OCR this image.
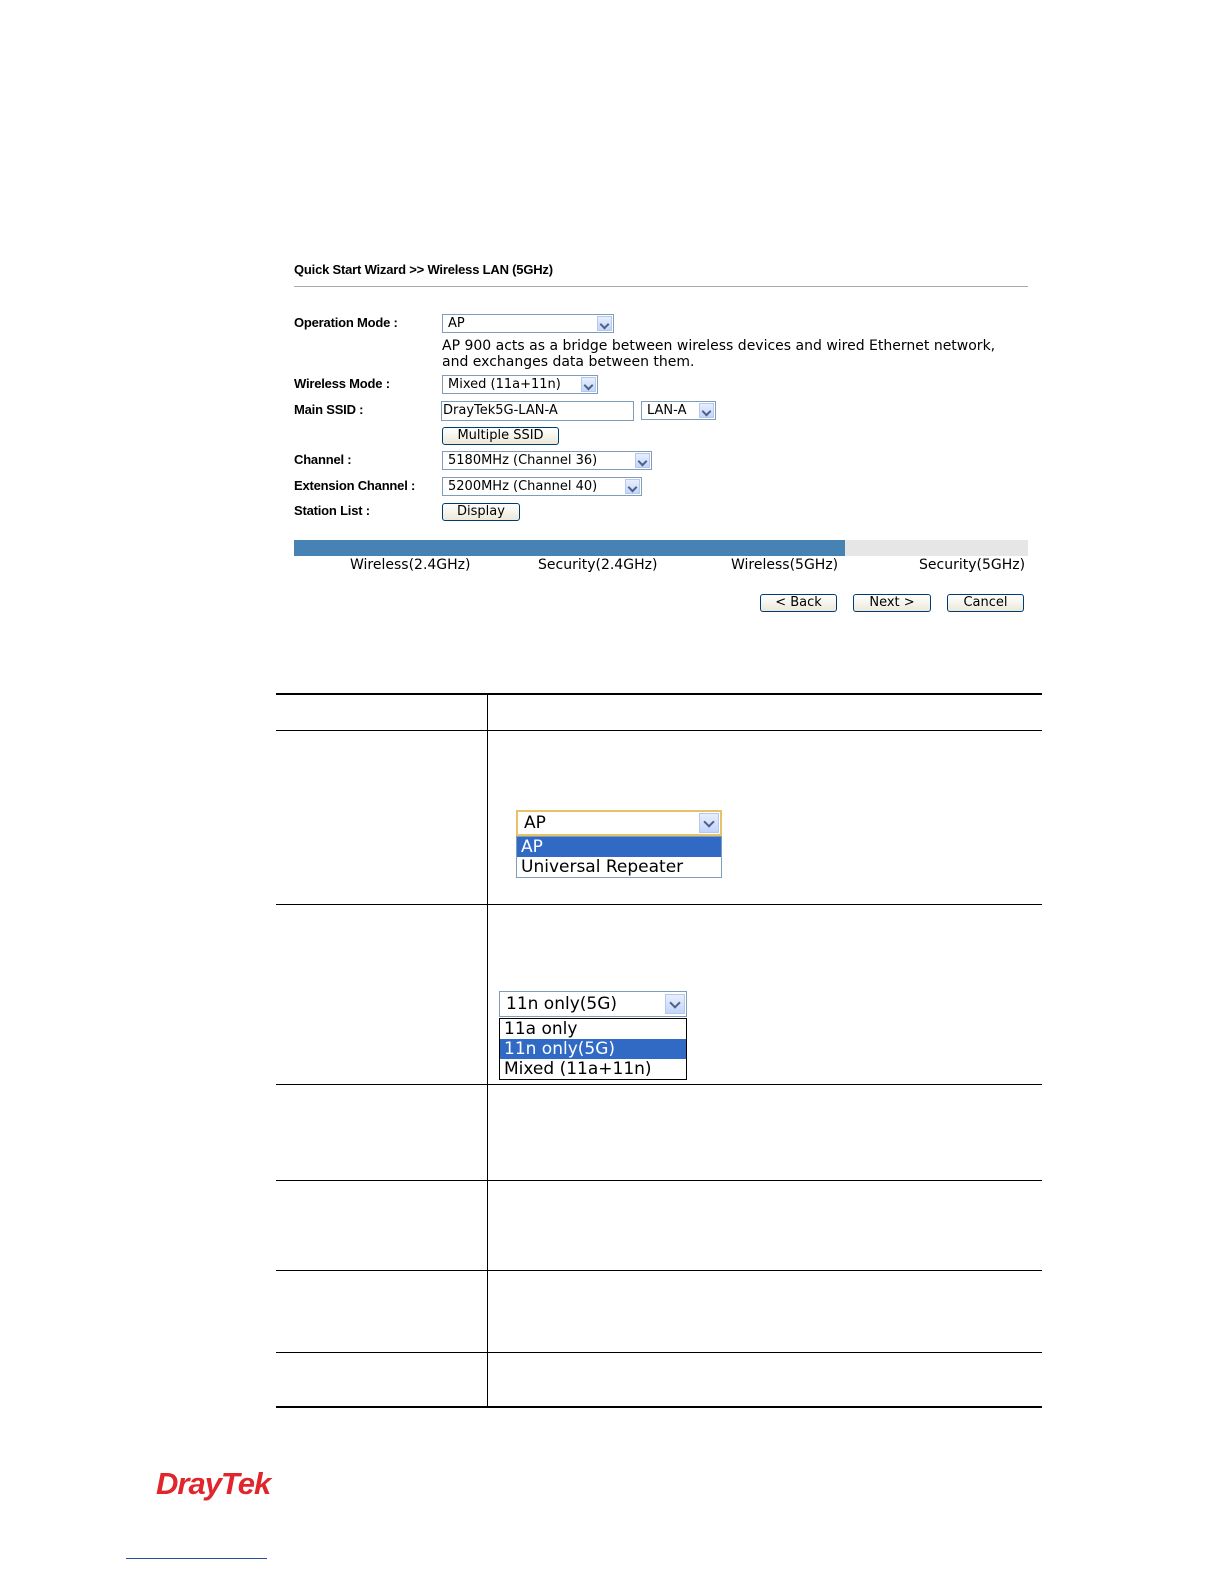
Quick Start Wizard >> Wireless LAN (5GHz)
Operation Mode :	AP
AP 900 acts as a bridge between wireless devices and wired Ethernet network, and exchanges data between them.
Wireless Mode :	Mixed (11a+11n)
Main SSID :	DrayTek5G-LAN-A	LAN-A
Multiple SSID
Channel :	5180MHz (Channel 36)
Extension Channel :	5200MHz (Channel 40)
Station List :	Display
Wireless(2.4GHz)	Security(2.4GHz)	Wireless(5GHz)	Security(5GHz)
< Back	Next >	Cancel
AP
AP
Universal Repeater
11n only(5G)
11a only
11n only(5G)
Mixed (11a+11n)
DrayTek
